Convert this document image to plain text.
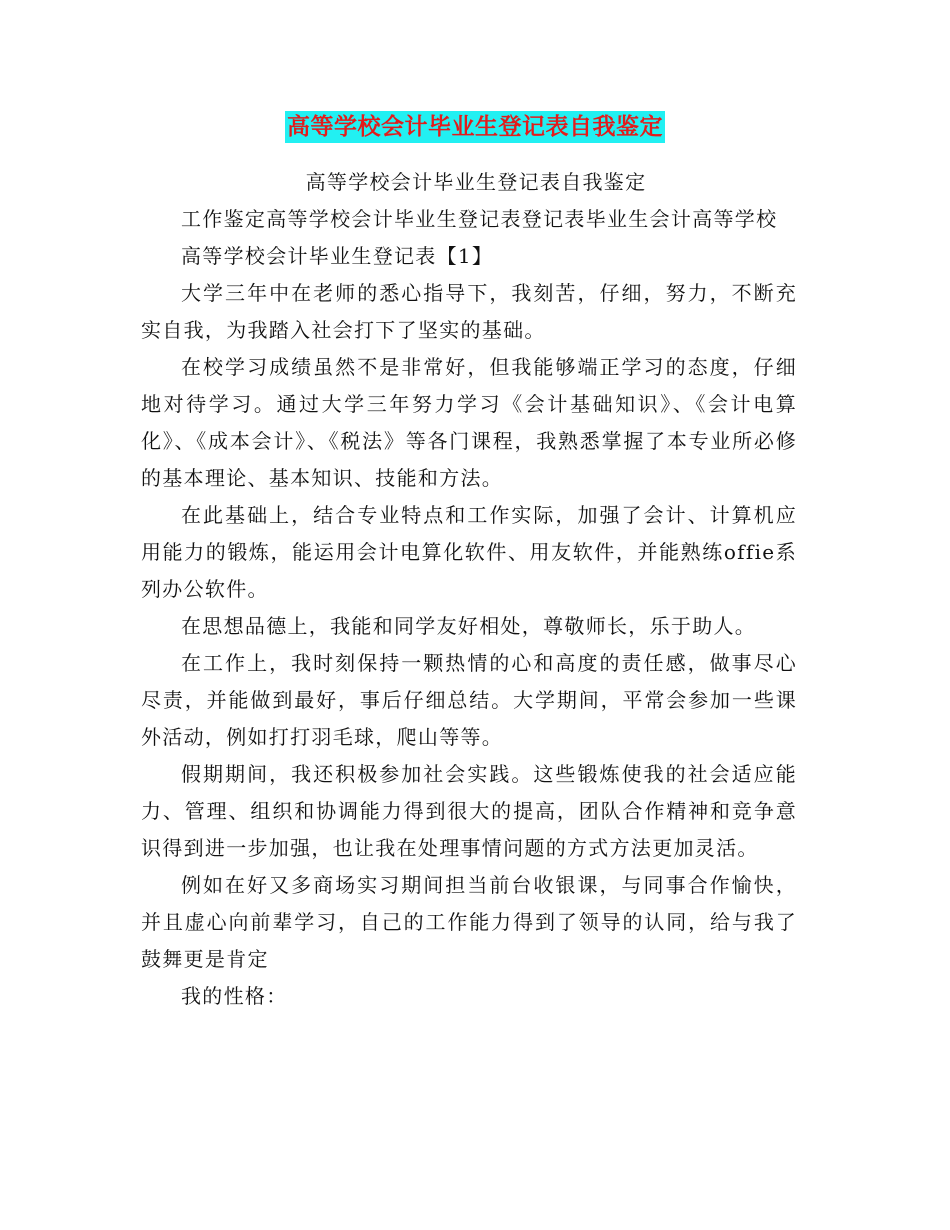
高等学校会计毕业生登记表自我鉴定

高等学校会计毕业生登记表自我鉴定

工作鉴定高等学校会计毕业生登记表登记表毕业生会计高等学校

高等学校会计毕业生登记表【1】

大学三年中在老师的悉心指导下，我刻苦，仔细，努力，不断充实自我，为我踏入社会打下了坚实的基础。

在校学习成绩虽然不是非常好，但我能够端正学习的态度，仔细地对待学习。通过大学三年努力学习《会计基础知识》、《会计电算化》、《成本会计》、《税法》等各门课程，我熟悉掌握了本专业所必修的基本理论、基本知识、技能和方法。

在此基础上，结合专业特点和工作实际，加强了会计、计算机应用能力的锻炼，能运用会计电算化软件、用友软件，并能熟练offie系列办公软件。

在思想品德上，我能和同学友好相处，尊敬师长，乐于助人。

在工作上，我时刻保持一颗热情的心和高度的责任感，做事尽心尽责，并能做到最好，事后仔细总结。大学期间，平常会参加一些课外活动，例如打打羽毛球，爬山等等。

假期期间，我还积极参加社会实践。这些锻炼使我的社会适应能力、管理、组织和协调能力得到很大的提高，团队合作精神和竞争意识得到进一步加强，也让我在处理事情问题的方式方法更加灵活。

例如在好又多商场实习期间担当前台收银课，与同事合作愉快，并且虚心向前辈学习，自己的工作能力得到了领导的认同，给与我了鼓舞更是肯定

我的性格：
